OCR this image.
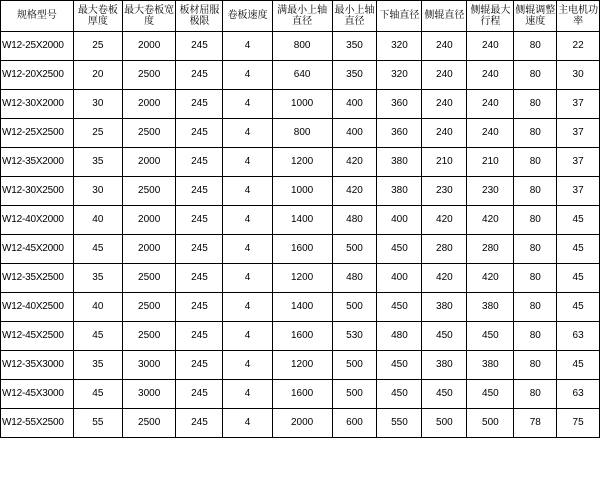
规格型号	最大卷板厚度	最大卷板宽度	板材屈服极限	卷板速度	满最小上轴直径	最小上轴直径	下轴直径	侧辊直径	侧辊最大行程	侧辊调整速度	主电机功率
W12-25X2000	25	2000	245	4	800	350	320	240	240	80	22
W12-20X2500	20	2500	245	4	640	350	320	240	240	80	30
W12-30X2000	30	2000	245	4	1000	400	360	240	240	80	37
W12-25X2500	25	2500	245	4	800	400	360	240	240	80	37
W12-35X2000	35	2000	245	4	1200	420	380	210	210	80	37
W12-30X2500	30	2500	245	4	1000	420	380	230	230	80	37
W12-40X2000	40	2000	245	4	1400	480	400	420	420	80	45
W12-45X2000	45	2000	245	4	1600	500	450	280	280	80	45
W12-35X2500	35	2500	245	4	1200	480	400	420	420	80	45
W12-40X2500	40	2500	245	4	1400	500	450	380	380	80	45
W12-45X2500	45	2500	245	4	1600	530	480	450	450	80	63
W12-35X3000	35	3000	245	4	1200	500	450	380	380	80	45
W12-45X3000	45	3000	245	4	1600	500	450	450	450	80	63
W12-55X2500	55	2500	245	4	2000	600	550	500	500	78	75
